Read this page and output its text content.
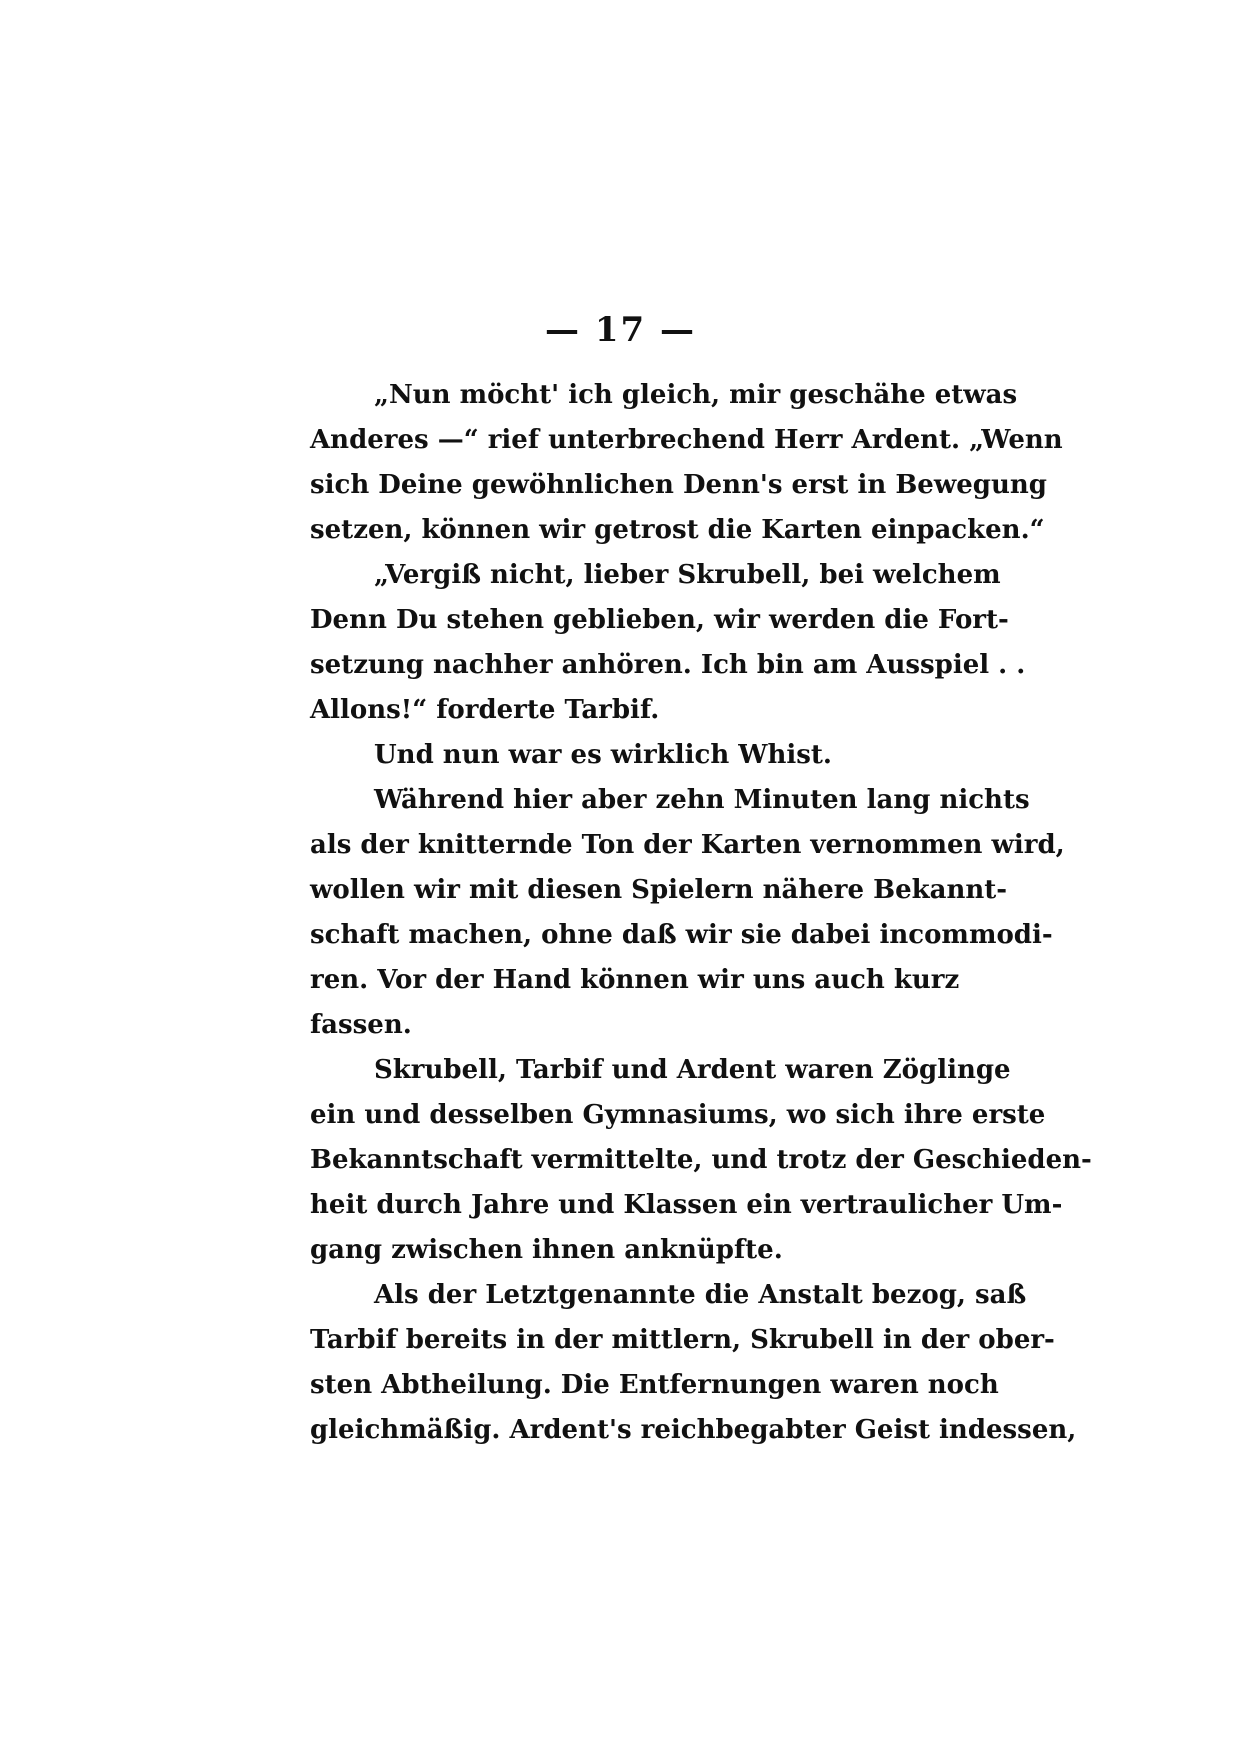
— 17 —
„Nun möcht' ich gleich, mir geschähe etwas
Anderes —“ rief unterbrechend Herr Ardent. „Wenn
sich Deine gewöhnlichen Denn's erst in Bewegung
setzen, können wir getrost die Karten einpacken.“
„Vergiß nicht, lieber Skrubell, bei welchem
Denn Du stehen geblieben, wir werden die Fort-
setzung nachher anhören. Ich bin am Ausspiel . .
Allons!“ forderte Tarbif.
Und nun war es wirklich Whist.
Während hier aber zehn Minuten lang nichts
als der knitternde Ton der Karten vernommen wird,
wollen wir mit diesen Spielern nähere Bekannt-
schaft machen, ohne daß wir sie dabei incommodi-
ren. Vor der Hand können wir uns auch kurz
fassen.
Skrubell, Tarbif und Ardent waren Zöglinge
ein und desselben Gymnasiums, wo sich ihre erste
Bekanntschaft vermittelte, und trotz der Geschieden-
heit durch Jahre und Klassen ein vertraulicher Um-
gang zwischen ihnen anknüpfte.
Als der Letztgenannte die Anstalt bezog, saß
Tarbif bereits in der mittlern, Skrubell in der ober-
sten Abtheilung. Die Entfernungen waren noch
gleichmäßig. Ardent's reichbegabter Geist indessen,
